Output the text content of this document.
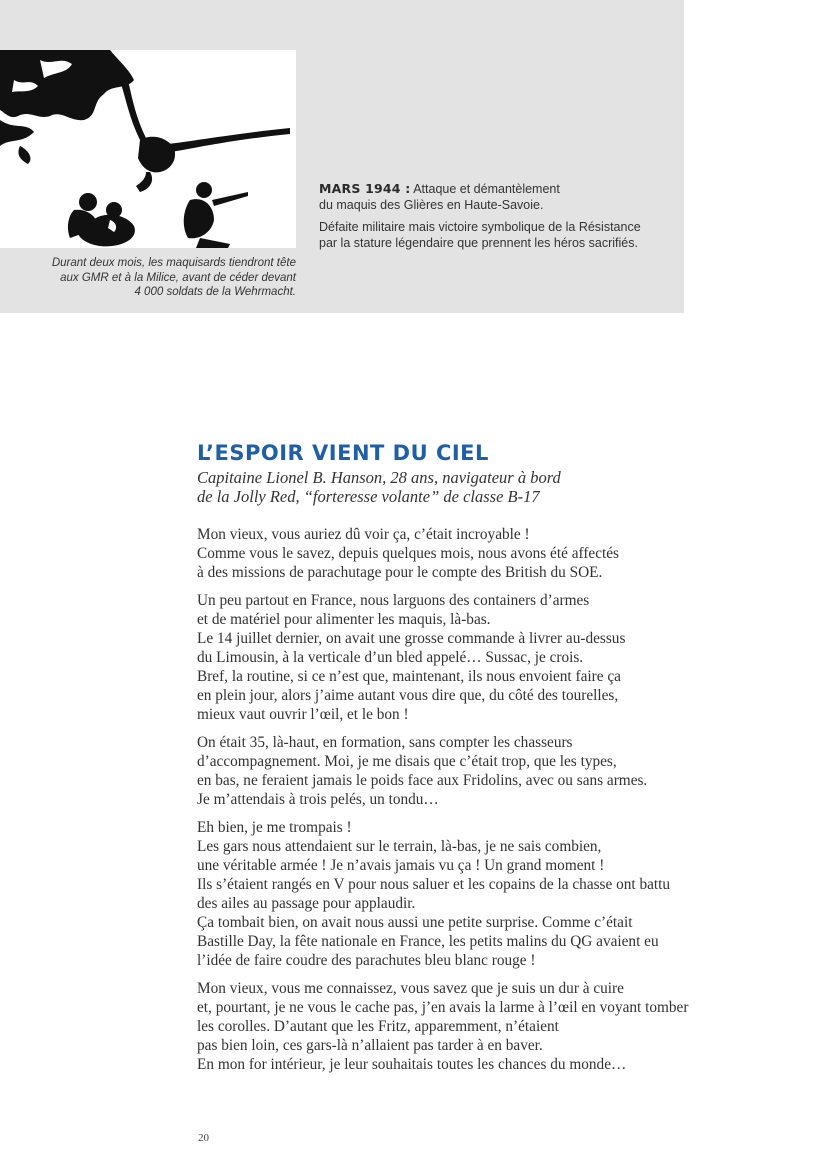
Durant deux mois, les maquisards tiendront tête
aux GMR et à la Milice, avant de céder devant
4 000 soldats de la Wehrmacht.

MARS 1944 : Attaque et démantèlement

du maquis des Glières en Haute-Savoie.

Défaite militaire mais victoire symbolique de la Résistance

par la stature légendaire que prennent les héros sacrifiés.

L’ESPOIR VIENT DU CIEL
Capitaine Lionel B. Hanson, 28 ans, navigateur à bord
de la Jolly Red, “forteresse volante” de classe B-17

Mon vieux, vous auriez dû voir ça, c’était incroyable !
Comme vous le savez, depuis quelques mois, nous avons été affectés
à des missions de parachutage pour le compte des British du SOE.

Un peu partout en France, nous larguons des containers d’armes
et de matériel pour alimenter les maquis, là-bas.
Le 14 juillet dernier, on avait une grosse commande à livrer au-dessus
du Limousin, à la verticale d’un bled appelé… Sussac, je crois.
Bref, la routine, si ce n’est que, maintenant, ils nous envoient faire ça
en plein jour, alors j’aime autant vous dire que, du côté des tourelles,
mieux vaut ouvrir l’œil, et le bon !

On était 35, là-haut, en formation, sans compter les chasseurs
d’accompagnement. Moi, je me disais que c’était trop, que les types,
en bas, ne feraient jamais le poids face aux Fridolins, avec ou sans armes.
Je m’attendais à trois pelés, un tondu…

Eh bien, je me trompais !
Les gars nous attendaient sur le terrain, là-bas, je ne sais combien,
une véritable armée ! Je n’avais jamais vu ça ! Un grand moment !
Ils s’étaient rangés en V pour nous saluer et les copains de la chasse ont battu
des ailes au passage pour applaudir.
Ça tombait bien, on avait nous aussi une petite surprise. Comme c’était
Bastille Day, la fête nationale en France, les petits malins du QG avaient eu
l’idée de faire coudre des parachutes bleu blanc rouge !

Mon vieux, vous me connaissez, vous savez que je suis un dur à cuire
et, pourtant, je ne vous le cache pas, j’en avais la larme à l’œil en voyant tomber
les corolles. D’autant que les Fritz, apparemment, n’étaient
pas bien loin, ces gars-là n’allaient pas tarder à en baver.
En mon for intérieur, je leur souhaitais toutes les chances du monde…

20
